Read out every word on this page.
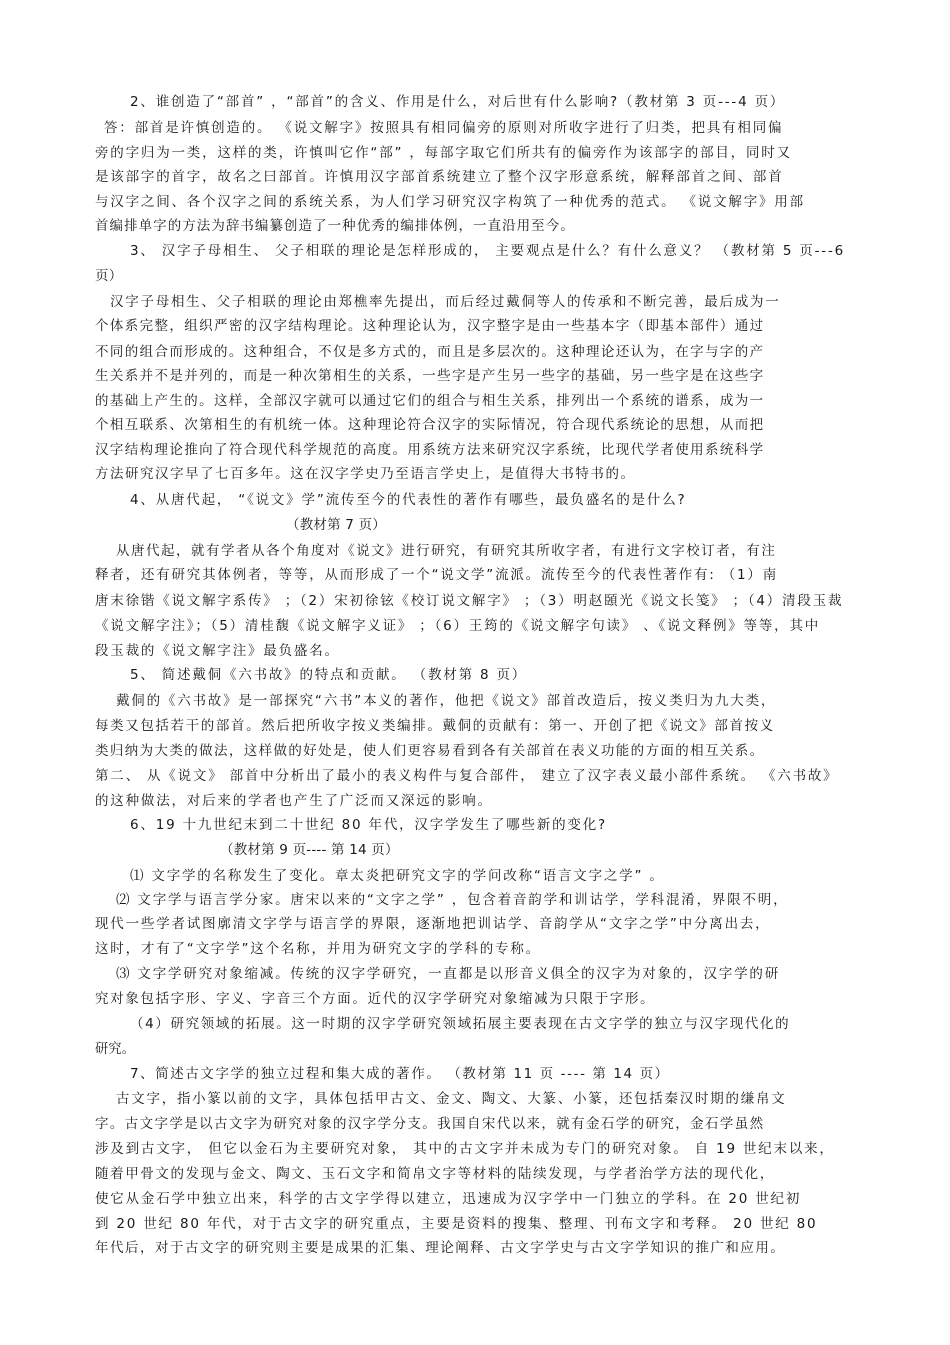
2、谁创造了“部首” ，“部首”的含义、作用是什么，对后世有什么影响?（教材第 3 页---4 页）
答：部首是许慎创造的。 《说文解字》按照具有相同偏旁的原则对所收字进行了归类，把具有相同偏
旁的字归为一类，这样的类，许慎叫它作“部” ，每部字取它们所共有的偏旁作为该部字的部目，同时又
是该部字的首字，故名之曰部首。许慎用汉字部首系统建立了整个汉字形意系统，解释部首之间、部首
与汉字之间、各个汉字之间的系统关系，为人们学习研究汉字构筑了一种优秀的范式。 《说文解字》用部
首编排单字的方法为辞书编纂创造了一种优秀的编排体例，一直沿用至今。
3、 汉字子母相生、 父子相联的理论是怎样形成的， 主要观点是什么？有什么意义？ （教材第 5 页---6
页）
汉字子母相生、父子相联的理论由郑樵率先提出，而后经过戴侗等人的传承和不断完善，最后成为一
个体系完整，组织严密的汉字结构理论。这种理论认为，汉字整字是由一些基本字（即基本部件）通过
不同的组合而形成的。这种组合，不仅是多方式的，而且是多层次的。这种理论还认为，在字与字的产
生关系并不是并列的，而是一种次第相生的关系，一些字是产生另一些字的基础，另一些字是在这些字
的基础上产生的。这样，全部汉字就可以通过它们的组合与相生关系，排列出一个系统的谱系，成为一
个相互联系、次第相生的有机统一体。这种理论符合汉字的实际情况，符合现代系统论的思想，从而把
汉字结构理论推向了符合现代科学规范的高度。用系统方法来研究汉字系统，比现代学者使用系统科学
方法研究汉字早了七百多年。这在汉字学史乃至语言学史上，是值得大书特书的。
4、从唐代起， “《说文》学”流传至今的代表性的著作有哪些，最负盛名的是什么?
（教材第 7 页）
从唐代起，就有学者从各个角度对《说文》进行研究，有研究其所收字者，有进行文字校订者，有注
释者，还有研究其体例者，等等，从而形成了一个“说文学”流派。流传至今的代表性著作有: （1）南
唐末徐锴《说文解字系传》 ；（2）宋初徐铉《校订说文解字》 ；（3）明赵頣光《说文长笺》 ；（4）清段玉裁
《说文解字注》；（5）清桂馥《说文解字义证》 ；（6）王筠的《说文解字句读》 、《说文释例》等等，其中
段玉裁的《说文解字注》最负盛名。
5、 简述戴侗《六书故》的特点和贡献。 （教材第 8 页）
戴侗的《六书故》是一部探究“六书”本义的著作，他把《说文》部首改造后，按义类归为九大类，
每类又包括若干的部首。然后把所收字按义类编排。戴侗的贡献有：第一、开创了把《说文》部首按义
类归纳为大类的做法，这样做的好处是，使人们更容易看到各有关部首在表义功能的方面的相互关系。
第二、 从《说文》 部首中分析出了最小的表义构件与复合部件， 建立了汉字表义最小部件系统。 《六书故》
的这种做法，对后来的学者也产生了广泛而又深远的影响。
6、19 十九世纪末到二十世纪 80 年代，汉字学发生了哪些新的变化?
（教材第 9 页---- 第 14 页）
⑴ 文字学的名称发生了变化。章太炎把研究文字的学问改称“语言文字之学” 。
⑵ 文字学与语言学分家。唐宋以来的“文字之学” ，包含着音韵学和训诂学，学科混淆，界限不明，
现代一些学者试图廓清文字学与语言学的界限，逐渐地把训诂学、音韵学从“文字之学”中分离出去，
这时，才有了“文字学”这个名称，并用为研究文字的学科的专称。
⑶ 文字学研究对象缩减。传统的汉字学研究，一直都是以形音义俱全的汉字为对象的，汉字学的研
究对象包括字形、字义、字音三个方面。近代的汉字学研究对象缩减为只限于字形。
（4）研究领域的拓展。这一时期的汉字学研究领域拓展主要表现在古文字学的独立与汉字现代化的
研究。
7、简述古文字学的独立过程和集大成的著作。 （教材第 11 页 ---- 第 14 页）
古文字，指小篆以前的文字，具体包括甲古文、金文、陶文、大篆、小篆，还包括秦汉时期的缣帛文
字。古文字学是以古文字为研究对象的汉字学分支。我国自宋代以来，就有金石学的研究，金石学虽然
涉及到古文字， 但它以金石为主要研究对象， 其中的古文字并未成为专门的研究对象。 自 19 世纪末以来，
随着甲骨文的发现与金文、陶文、玉石文字和简帛文字等材料的陆续发现，与学者治学方法的现代化，
使它从金石学中独立出来，科学的古文字学得以建立，迅速成为汉字学中一门独立的学科。在 20 世纪初
到 20 世纪 80 年代，对于古文字的研究重点，主要是资料的搜集、整理、刊布文字和考释。 20 世纪 80
年代后，对于古文字的研究则主要是成果的汇集、理论阐释、古文字学史与古文字学知识的推广和应用。
